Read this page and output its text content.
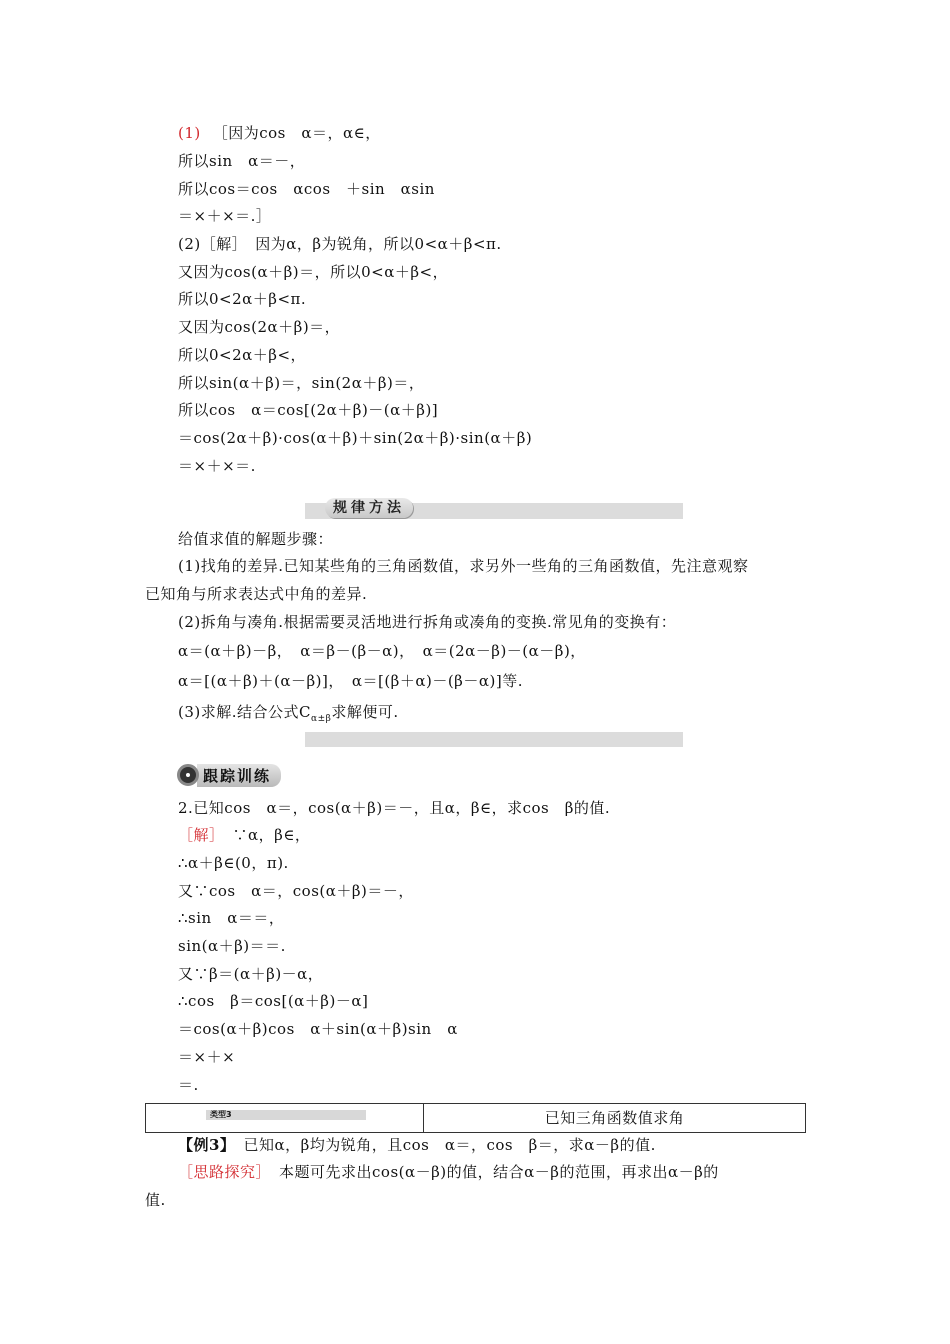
(1) ［因为cos　α＝，α∈，
所以sin　α＝－，
所以cos＝cos　αcos　＋sin　αsin
＝×＋×＝.］
(2)［解］　因为α，β为锐角，所以0<α＋β<π.
又因为cos(α＋β)＝，所以0<α＋β<，
所以0<2α＋β<π.
又因为cos(2α＋β)＝，
所以0<2α＋β<，
所以sin(α＋β)＝，sin(2α＋β)＝，
所以cos　α＝cos[(2α＋β)－(α＋β)]
＝cos(2α＋β)·cos(α＋β)＋sin(2α＋β)·sin(α＋β)
＝×＋×＝.
规律方法
给值求值的解题步骤：
(1)找角的差异.已知某些角的三角函数值，求另外一些角的三角函数值，先注意观察
已知角与所求表达式中角的差异.
(2)拆角与凑角.根据需要灵活地进行拆角或凑角的变换.常见角的变换有：
α＝(α＋β)－β，　α＝β－(β－α)，　α＝(2α－β)－(α－β)，
α＝[(α＋β)＋(α－β)]，　α＝[(β＋α)－(β－α)]等.
(3)求解.结合公式$C_{\alpha\pm\beta}$求解便可.
跟踪训练
2.已知cos　α＝，cos(α＋β)＝－，且α，β∈，求cos　β的值.
［解］　∵α，β∈，
∴α＋β∈(0，π).
又∵cos　α＝，cos(α＋β)＝－，
∴sin　α＝＝，
sin(α＋β)＝＝.
又∵β＝(α＋β)－α，
∴cos　β＝cos[(α＋β)－α]
＝cos(α＋β)cos　α＋sin(α＋β)sin　α
＝×＋×
＝.
类型3	已知三角函数值求角
【例3】　已知α，β均为锐角，且cos　α＝，cos　β＝，求α－β的值.
［思路探究］　本题可先求出cos(α－β)的值，结合α－β的范围，再求出α－β的
值.
